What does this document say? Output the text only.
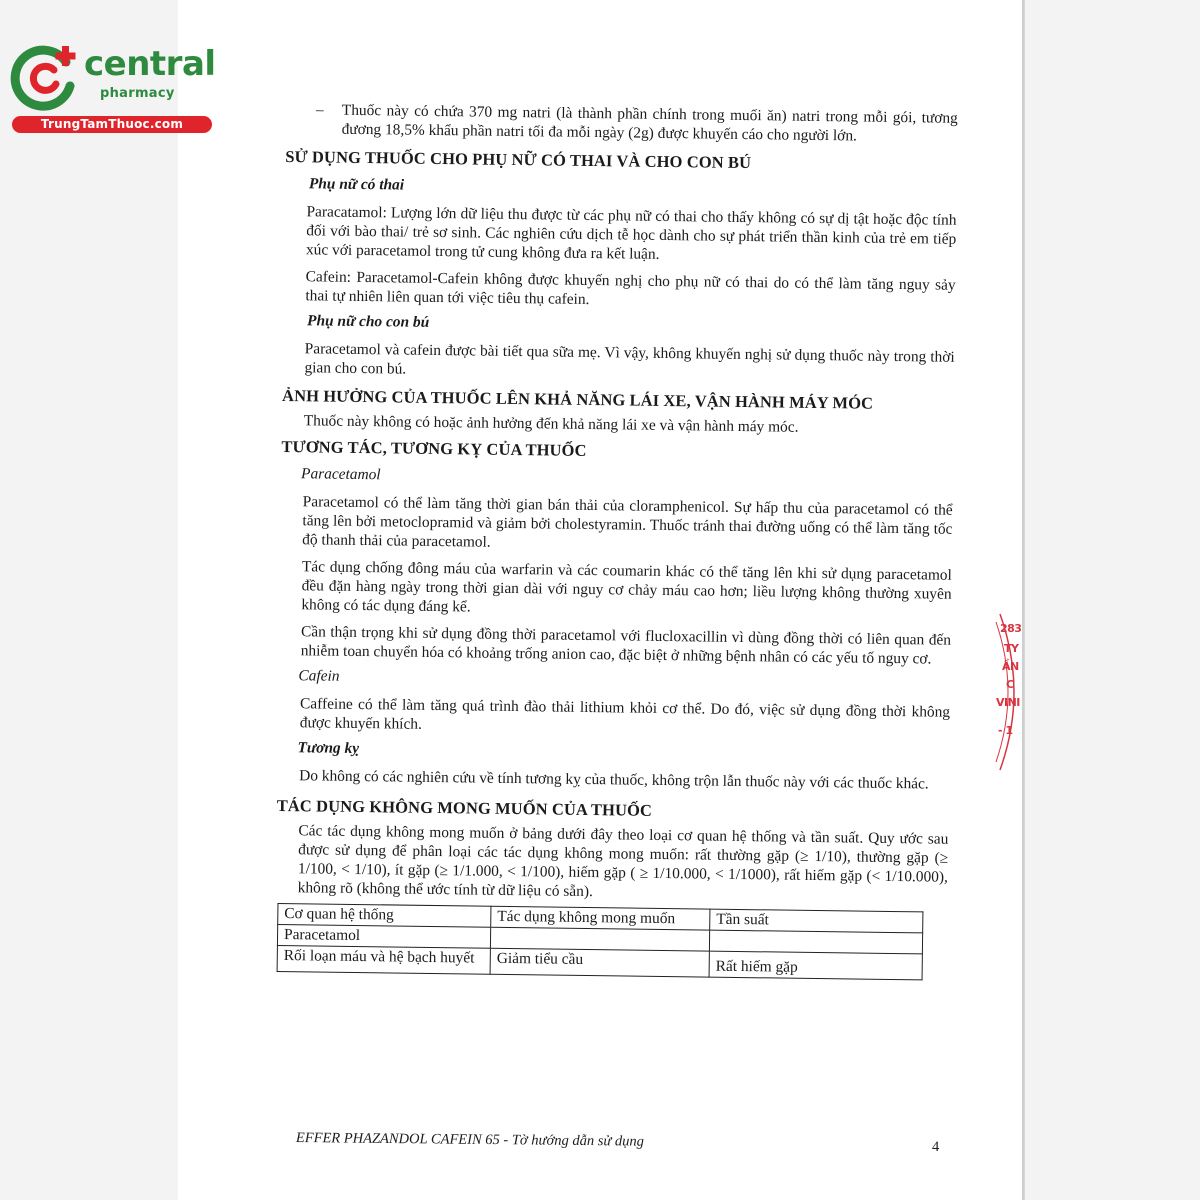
central
pharmacy
TrungTamThuoc.com
283
TY
ẦN
C
VINI
- 1
–	Thuốc này có chứa 370 mg natri (là thành phần chính trong muối ăn) natri trong mỗi gói, tương đương 18,5% khẩu phần natri tối đa mỗi ngày (2g) được khuyến cáo cho người lớn.

SỬ DỤNG THUỐC CHO PHỤ NỮ CÓ THAI VÀ CHO CON BÚ
Phụ nữ có thai

Paracatamol: Lượng lớn dữ liệu thu được từ các phụ nữ có thai cho thấy không có sự dị tật hoặc độc tính đối với bào thai/ trẻ sơ sinh. Các nghiên cứu dịch tễ học dành cho sự phát triển thần kinh của trẻ em tiếp xúc với paracetamol trong tử cung không đưa ra kết luận.

Cafein: Paracetamol-Cafein không được khuyến nghị cho phụ nữ có thai do có thể làm tăng nguy sảy thai tự nhiên liên quan tới việc tiêu thụ cafein.

Phụ nữ cho con bú

Paracetamol và cafein được bài tiết qua sữa mẹ. Vì vậy, không khuyến nghị sử dụng thuốc này trong thời gian cho con bú.

ẢNH HƯỞNG CỦA THUỐC LÊN KHẢ NĂNG LÁI XE, VẬN HÀNH MÁY MÓC

Thuốc này không có hoặc ảnh hưởng đến khả năng lái xe và vận hành máy móc.

TƯƠNG TÁC, TƯƠNG KỴ CỦA THUỐC
Paracetamol

Paracetamol có thể làm tăng thời gian bán thải của cloramphenicol. Sự hấp thu của paracetamol có thể tăng lên bởi metoclopramid và giảm bởi cholestyramin. Thuốc tránh thai đường uống có thể làm tăng tốc độ thanh thải của paracetamol.

Tác dụng chống đông máu của warfarin và các coumarin khác có thể tăng lên khi sử dụng paracetamol đều đặn hàng ngày trong thời gian dài với nguy cơ chảy máu cao hơn; liều lượng không thường xuyên không có tác dụng đáng kể.

Cần thận trọng khi sử dụng đồng thời paracetamol với flucloxacillin vì dùng đồng thời có liên quan đến nhiễm toan chuyển hóa có khoảng trống anion cao, đặc biệt ở những bệnh nhân có các yếu tố nguy cơ.

Cafein

Caffeine có thể làm tăng quá trình đào thải lithium khỏi cơ thể. Do đó, việc sử dụng đồng thời không được khuyến khích.

Tương kỵ

Do không có các nghiên cứu về tính tương kỵ của thuốc, không trộn lẫn thuốc này với các thuốc khác.

TÁC DỤNG KHÔNG MONG MUỐN CỦA THUỐC

Các tác dụng không mong muốn ở bảng dưới đây theo loại cơ quan hệ thống và tần suất. Quy ước sau được sử dụng để phân loại các tác dụng không mong muốn: rất thường gặp (≥ 1/10), thường gặp (≥ 1/100, < 1/10), ít gặp (≥ 1/1.000, < 1/100), hiếm gặp ( ≥ 1/10.000, < 1/1000), rất hiếm gặp (< 1/10.000), không rõ (không thể ước tính từ dữ liệu có sẵn).

Cơ quan hệ thống	Tác dụng không mong muốn	Tần suất
Paracetamol		
Rối loạn máu và hệ bạch huyết	Giảm tiểu cầu	Rất hiếm gặp
EFFER PHAZANDOL CAFEIN 65 - Tờ hướng dẫn sử dụng	4
